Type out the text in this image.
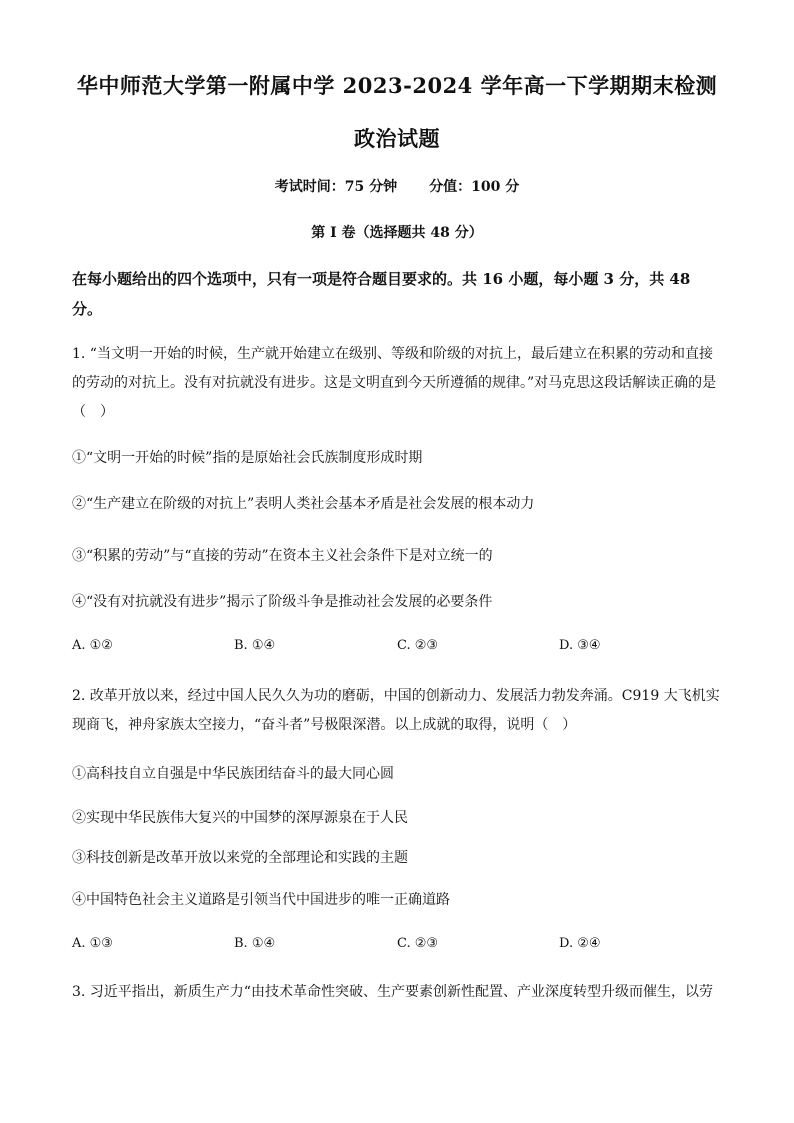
华中师范大学第一附属中学 2023-2024 学年高一下学期期末检测
政治试题
考试时间：75 分钟 分值：100 分
第 I 卷（选择题共 48 分）
在每小题给出的四个选项中，只有一项是符合题目要求的。共 16 小题，每小题 3 分，共 48 分。
1. “当文明一开始的时候，生产就开始建立在级别、等级和阶级的对抗上，最后建立在积累的劳动和直接的劳动的对抗上。没有对抗就没有进步。这是文明直到今天所遵循的规律。”对马克思这段话解读正确的是（　）
①“文明一开始的时候”指的是原始社会氏族制度形成时期
②“生产建立在阶级的对抗上”表明人类社会基本矛盾是社会发展的根本动力
③“积累的劳动”与“直接的劳动”在资本主义社会条件下是对立统一的
④“没有对抗就没有进步”揭示了阶级斗争是推动社会发展的必要条件
A. ①②	B. ①④	C. ②③	D. ③④
2. 改革开放以来，经过中国人民久久为功的磨砺，中国的创新动力、发展活力勃发奔涌。C919 大飞机实现商飞，神舟家族太空接力，“奋斗者”号极限深潜。以上成就的取得，说明（　）
①高科技自立自强是中华民族团结奋斗的最大同心圆
②实现中华民族伟大复兴的中国梦的深厚源泉在于人民
③科技创新是改革开放以来党的全部理论和实践的主题
④中国特色社会主义道路是引领当代中国进步的唯一正确道路
A. ①③	B. ①④	C. ②③	D. ②④
3. 习近平指出，新质生产力“由技术革命性突破、生产要素创新性配置、产业深度转型升级而催生，以劳
